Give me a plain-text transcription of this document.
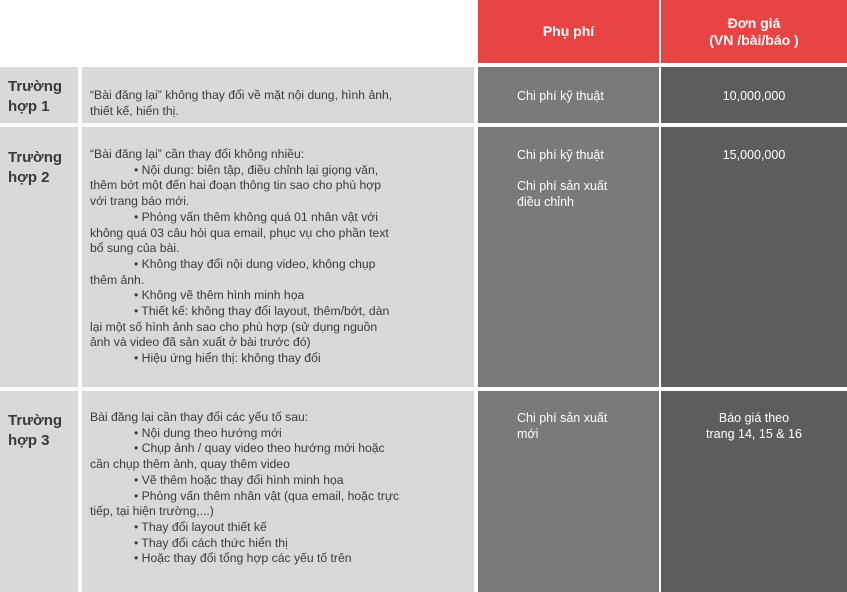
Phụ phí
Đơn giá
(VN /bài/báo )

Trường

hợp 1

“Bài đăng lại” không thay đổi về mặt nội dung, hình ảnh,

thiết kế, hiển thị.

Chi phí kỹ thuật	10,000,000

Trường

hợp 2

“Bài đăng lại” cần thay đổi không nhiều:

• Nội dung: biên tập, điều chỉnh lại giọng văn,

thêm bớt một đến hai đoạn thông tin sao cho phù hợp

với trang báo mới.

• Phỏng vấn thêm không quá 01 nhân vật với

không quá 03 câu hỏi qua email, phục vụ cho phần text

bổ sung của bài.

• Không thay đổi nội dung video, không chụp

thêm ảnh.

• Không vẽ thêm hình minh họa

• Thiết kế: không thay đổi layout, thêm/bớt, dàn

lại một số hình ảnh sao cho phù hợp (sử dụng nguồn

ảnh và video đã sản xuất ở bài trước đó)

• Hiệu ứng hiển thị: không thay đổi

Chi phí kỹ thuật

Chi phí sản xuất

điều chỉnh

15,000,000

Trường

hợp 3

Bài đăng lại cần thay đổi các yếu tố sau:

• Nội dung theo hướng mới

• Chụp ảnh / quay video theo hướng mới hoặc

cần chụp thêm ảnh, quay thêm video

• Vẽ thêm hoặc thay đổi hình minh họa

• Phỏng vấn thêm nhân vật (qua email, hoặc trực

tiếp, tại hiện trường,...)

• Thay đổi layout thiết kế

• Thay đổi cách thức hiển thị

• Hoặc thay đổi tổng hợp các yếu tố trên

Chi phí sản xuất

mới

Báo giá theo

trang 14, 15 & 16
